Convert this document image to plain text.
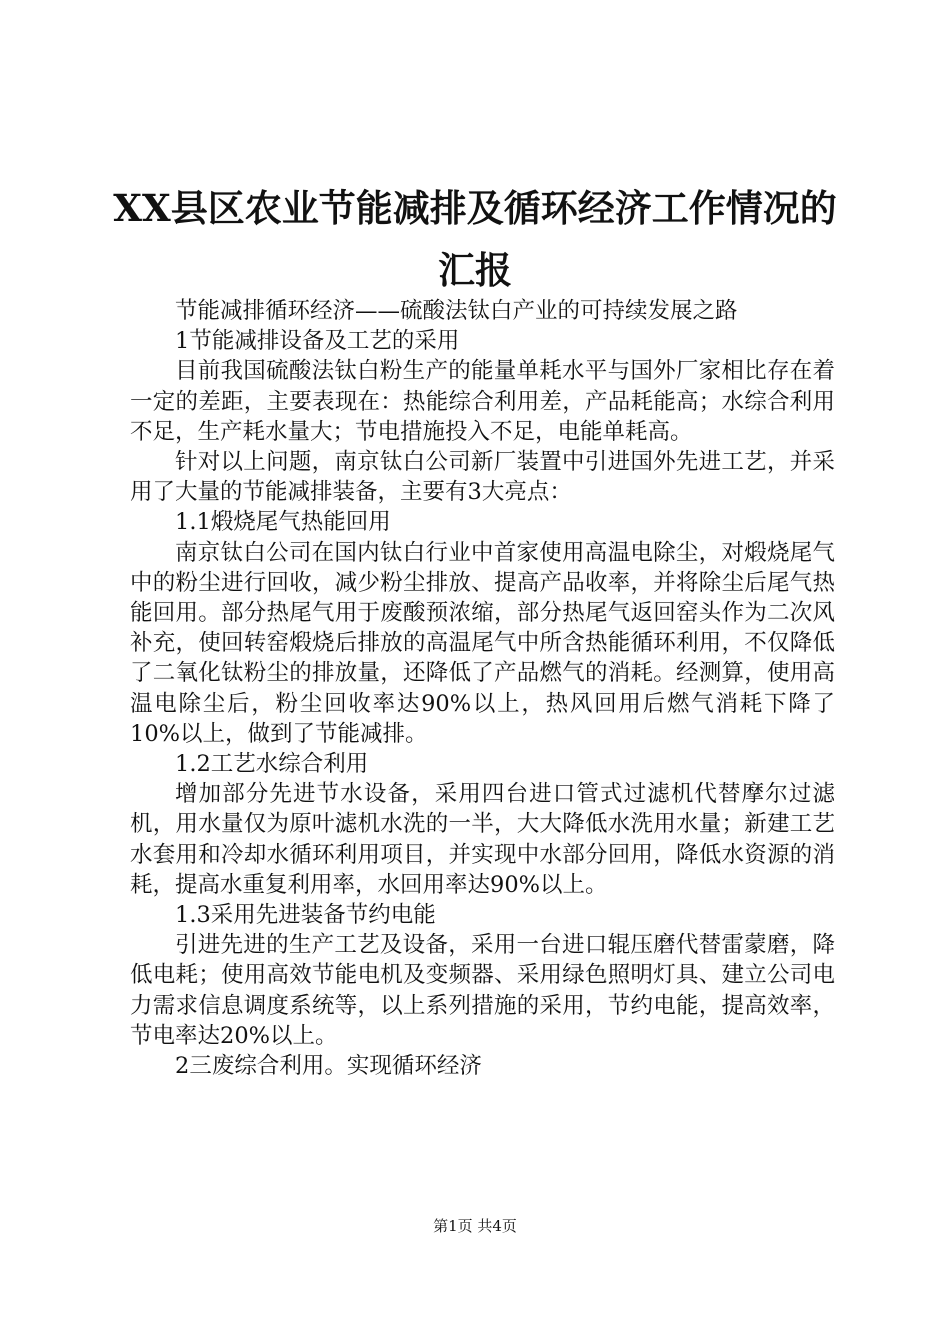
XX县区农业节能减排及循环经济工作情况的
汇报

节能减排循环经济——硫酸法钛白产业的可持续发展之路

1节能减排设备及工艺的采用

目前我国硫酸法钛白粉生产的能量单耗水平与国外厂家相比存在着一定的差距，主要表现在：热能综合利用差，产品耗能高；水综合利用不足，生产耗水量大；节电措施投入不足，电能单耗高。

针对以上问题，南京钛白公司新厂装置中引进国外先进工艺，并采用了大量的节能减排装备，主要有3大亮点：

1.1煅烧尾气热能回用

南京钛白公司在国内钛白行业中首家使用高温电除尘，对煅烧尾气中的粉尘进行回收，减少粉尘排放、提高产品收率，并将除尘后尾气热能回用。部分热尾气用于废酸预浓缩，部分热尾气返回窑头作为二次风补充，使回转窑煅烧后排放的高温尾气中所含热能循环利用，不仅降低了二氧化钛粉尘的排放量，还降低了产品燃气的消耗。经测算，使用高温电除尘后，粉尘回收率达90%以上，热风回用后燃气消耗下降了10%以上，做到了节能减排。

1.2工艺水综合利用

增加部分先进节水设备，采用四台进口管式过滤机代替摩尔过滤机，用水量仅为原叶滤机水洗的一半，大大降低水洗用水量；新建工艺水套用和冷却水循环利用项目，并实现中水部分回用，降低水资源的消耗，提高水重复利用率，水回用率达90%以上。

1.3采用先进装备节约电能

引进先进的生产工艺及设备，采用一台进口辊压磨代替雷蒙磨，降低电耗；使用高效节能电机及变频器、采用绿色照明灯具、建立公司电力需求信息调度系统等，以上系列措施的采用，节约电能，提高效率，节电率达20%以上。

2三废综合利用。实现循环经济

第1页 共4页
